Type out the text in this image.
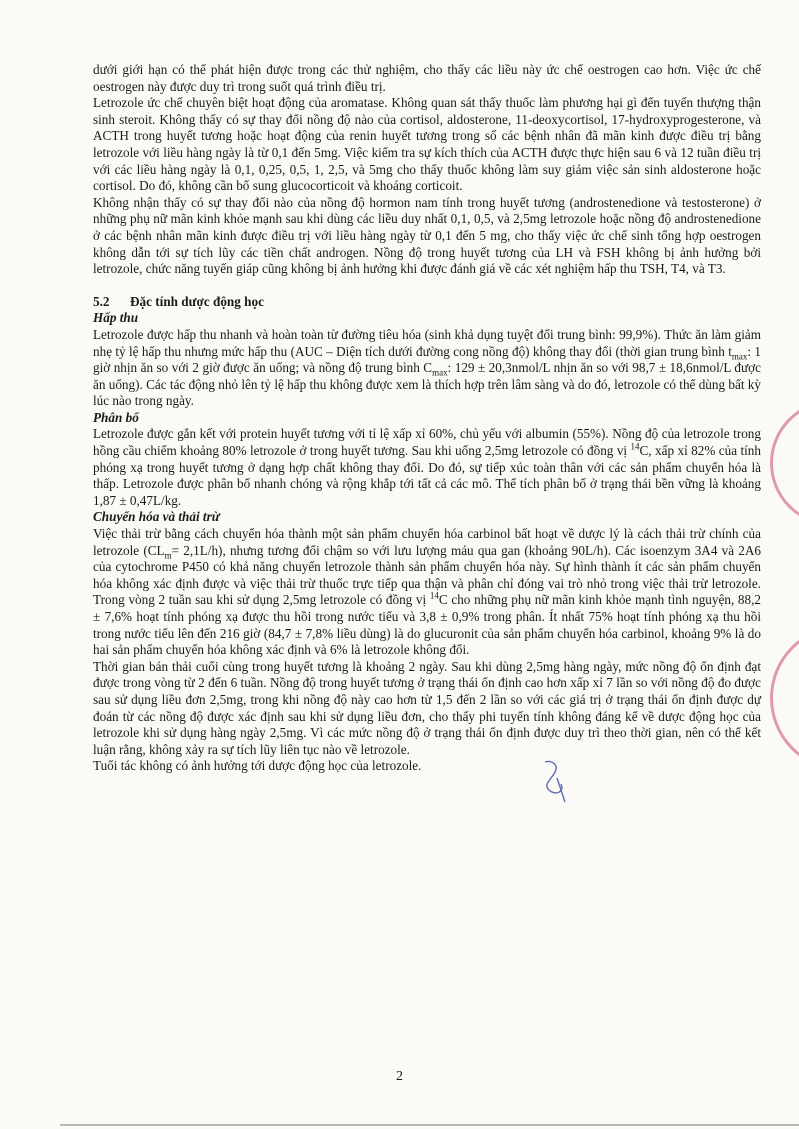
dưới giới hạn có thể phát hiện được trong các thử nghiệm, cho thấy các liều này ức chế oestrogen cao hơn. Việc ức chế oestrogen này được duy trì trong suốt quá trình điều trị.

Letrozole ức chế chuyên biệt hoạt động của aromatase. Không quan sát thấy thuốc làm phương hại gì đến tuyến thượng thận sinh steroit. Không thấy có sự thay đổi nồng độ nào của cortisol, aldosterone, 11-deoxycortisol, 17-hydroxyprogesterone, và ACTH trong huyết tương hoặc hoạt động của renin huyết tương trong số các bệnh nhân đã mãn kinh được điều trị bằng letrozole với liều hàng ngày là từ 0,1 đến 5mg. Việc kiểm tra sự kích thích của ACTH được thực hiện sau 6 và 12 tuần điều trị với các liều hàng ngày là 0,1, 0,25, 0,5, 1, 2,5, và 5mg cho thấy thuốc không làm suy giảm việc sản sinh aldosterone hoặc cortisol. Do đó, không cần bổ sung glucocorticoit và khoáng corticoit.

Không nhận thấy có sự thay đổi nào của nồng độ hormon nam tính trong huyết tương (androstenedione và testosterone) ở những phụ nữ mãn kinh khỏe mạnh sau khi dùng các liều duy nhất 0,1, 0,5, và 2,5mg letrozole hoặc nồng độ androstenedione ở các bệnh nhân mãn kinh được điều trị với liều hàng ngày từ 0,1 đến 5 mg, cho thấy việc ức chế sinh tổng hợp oestrogen không dẫn tới sự tích lũy các tiền chất androgen. Nồng độ trong huyết tương của LH và FSH không bị ảnh hưởng bởi letrozole, chức năng tuyến giáp cũng không bị ảnh hưởng khi được đánh giá về các xét nghiệm hấp thu TSH, T4, và T3.

5.2 Đặc tính dược động học

Hấp thu

Letrozole được hấp thu nhanh và hoàn toàn từ đường tiêu hóa (sinh khả dụng tuyệt đối trung bình: 99,9%). Thức ăn làm giảm nhẹ tỷ lệ hấp thu nhưng mức hấp thu (AUC – Diện tích dưới đường cong nồng độ) không thay đổi (thời gian trung bình $t_{max}$: 1 giờ nhịn ăn so với 2 giờ được ăn uống; và nồng độ trung bình $C_{max}$: 129 ± 20,3nmol/L nhịn ăn so với 98,7 ± 18,6nmol/L được ăn uống). Các tác động nhỏ lên tỷ lệ hấp thu không được xem là thích hợp trên lâm sàng và do đó, letrozole có thể dùng bất kỳ lúc nào trong ngày.

Phân bố

Letrozole được gắn kết với protein huyết tương với tỉ lệ xấp xỉ 60%, chủ yếu với albumin (55%). Nồng độ của letrozole trong hồng cầu chiếm khoảng 80% letrozole ở trong huyết tương. Sau khi uống 2,5mg letrozole có đồng vị $^{14}$C, xấp xỉ 82% của tính phóng xạ trong huyết tương ở dạng hợp chất không thay đổi. Do đó, sự tiếp xúc toàn thân với các sản phẩm chuyển hóa là thấp. Letrozole được phân bố nhanh chóng và rộng khắp tới tất cả các mô. Thể tích phân bố ở trạng thái bền vững là khoảng 1,87 ± 0,47L/kg.

Chuyển hóa và thải trừ

Việc thải trừ bằng cách chuyển hóa thành một sản phẩm chuyển hóa carbinol bất hoạt về dược lý là cách thải trừ chính của letrozole $(CL_m= 2,1L/h)$, nhưng tương đối chậm so với lưu lượng máu qua gan (khoảng 90L/h). Các isoenzym 3A4 và 2A6 của cytochrome P450 có khả năng chuyển letrozole thành sản phẩm chuyển hóa này. Sự hình thành ít các sản phẩm chuyển hóa không xác định được và việc thải trừ thuốc trực tiếp qua thận và phân chỉ đóng vai trò nhỏ trong việc thải trừ letrozole. Trong vòng 2 tuần sau khi sử dụng 2,5mg letrozole có đồng vị $^{14}$C cho những phụ nữ mãn kinh khỏe mạnh tình nguyện, 88,2 ± 7,6% hoạt tính phóng xạ được thu hồi trong nước tiểu và 3,8 ± 0,9% trong phân. Ít nhất 75% hoạt tính phóng xạ thu hồi trong nước tiểu lên đến 216 giờ (84,7 ± 7,8% liều dùng) là do glucuronit của sản phẩm chuyển hóa carbinol, khoảng 9% là do hai sản phẩm chuyển hóa không xác định và 6% là letrozole không đổi.

Thời gian bán thải cuối cùng trong huyết tương là khoảng 2 ngày. Sau khi dùng 2,5mg hàng ngày, mức nồng độ ổn định đạt được trong vòng từ 2 đến 6 tuần. Nồng độ trong huyết tương ở trạng thái ổn định cao hơn xấp xỉ 7 lần so với nồng độ đo được sau sử dụng liều đơn 2,5mg, trong khi nồng độ này cao hơn từ 1,5 đến 2 lần so với các giá trị ở trạng thái ổn định được dự đoán từ các nồng độ được xác định sau khi sử dụng liều đơn, cho thấy phi tuyến tính không đáng kể về dược động học của letrozole khi sử dụng hàng ngày 2,5mg. Vì các mức nồng độ ở trạng thái ổn định được duy trì theo thời gian, nên có thể kết luận rằng, không xảy ra sự tích lũy liên tục nào về letrozole.

Tuổi tác không có ảnh hưởng tới dược động học của letrozole.

2
